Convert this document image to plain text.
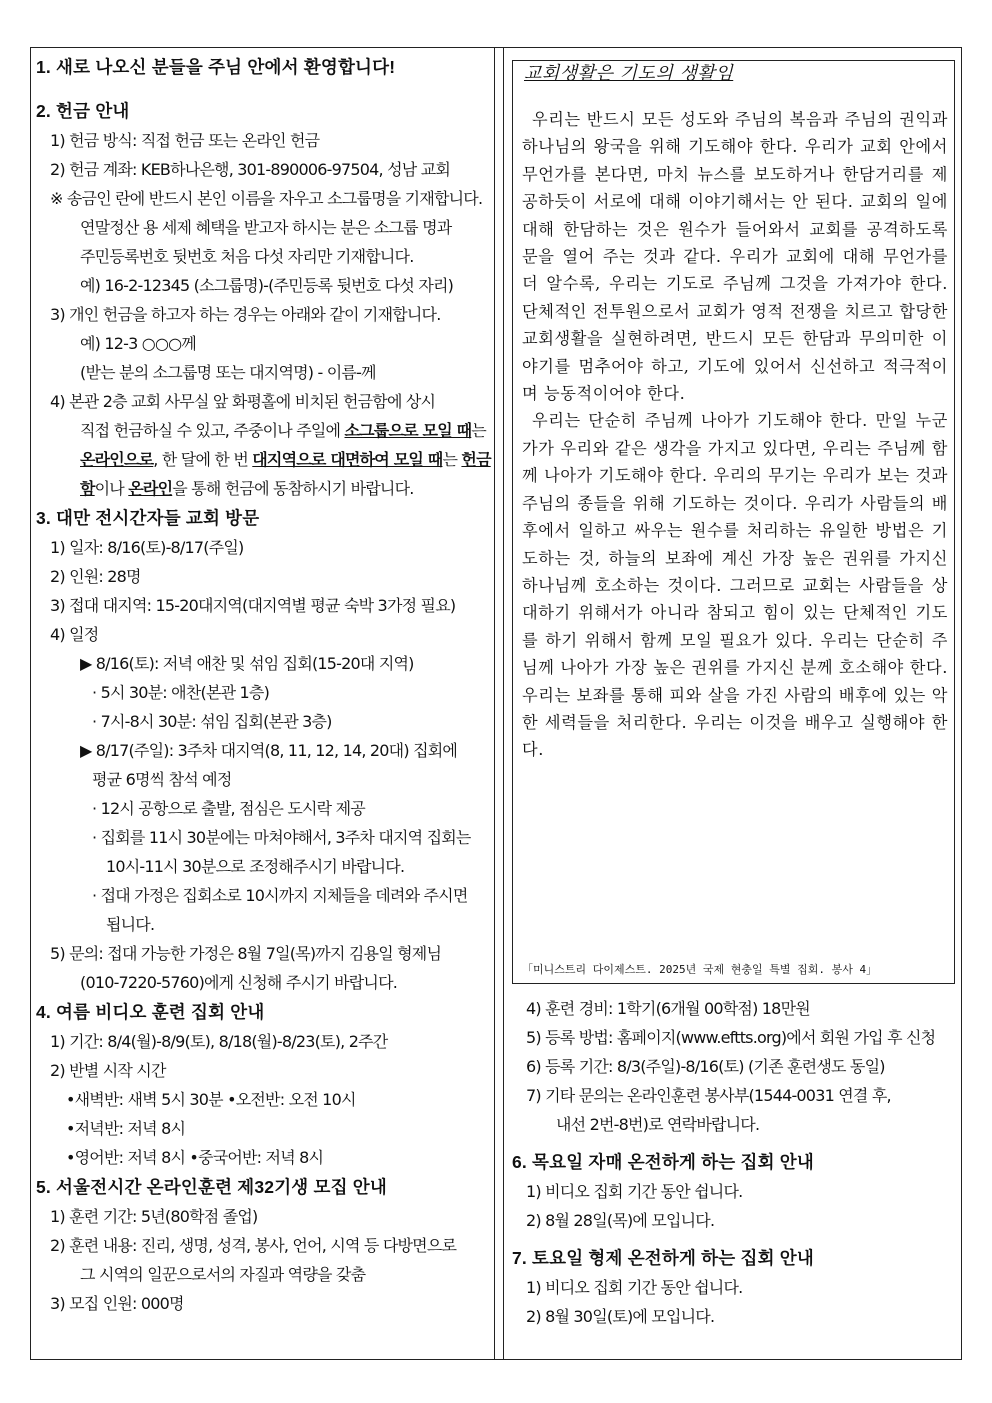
1. 새로 나오신 분들을 주님 안에서 환영합니다!
2. 헌금 안내
1) 헌금 방식: 직접 헌금 또는 온라인 헌금
2) 헌금 계좌: KEB하나은행, 301-890006-97504, 성남 교회
※ 송금인 란에 반드시 본인 이름을 자우고 소그룹명을 기재합니다.
연말정산 용 세제 혜택을 받고자 하시는 분은 소그룹 명과
주민등록번호 뒷번호 처음 다섯 자리만 기재합니다.
예) 16-2-12345 (소그룹명)-(주민등록 뒷번호 다섯 자리)
3) 개인 헌금을 하고자 하는 경우는 아래와 같이 기재합니다.
예) 12-3 ○○○께
(받는 분의 소그룹명 또는 대지역명) - 이름-께
4) 본관 2층 교회 사무실 앞 화평홀에 비치된 헌금함에 상시
직접 헌금하실 수 있고, 주중이나 주일에 소그룹으로 모일 때는
온라인으로, 한 달에 한 번 대지역으로 대면하여 모일 때는 헌금
함이나 온라인을 통해 헌금에 동참하시기 바랍니다.
3. 대만 전시간자들 교회 방문
1) 일자: 8/16(토)-8/17(주일)
2) 인원: 28명
3) 접대 대지역: 15-20대지역(대지역별 평균 숙박 3가정 필요)
4) 일정
▶ 8/16(토): 저녁 애찬 및 섞임 집회(15-20대 지역)
· 5시 30분: 애찬(본관 1층)
· 7시-8시 30분: 섞임 집회(본관 3층)
▶ 8/17(주일): 3주차 대지역(8, 11, 12, 14, 20대) 집회에
평균 6명씩 참석 예정
· 12시 공항으로 출발, 점심은 도시락 제공
· 집회를 11시 30분에는 마쳐야해서, 3주차 대지역 집회는
10시-11시 30분으로 조정해주시기 바랍니다.
· 접대 가정은 집회소로 10시까지 지체들을 데려와 주시면
됩니다.
5) 문의: 접대 가능한 가정은 8월 7일(목)까지 김용일 형제님
(010-7220-5760)에게 신청해 주시기 바랍니다.
4. 여름 비디오 훈련 집회 안내
1) 기간: 8/4(월)-8/9(토), 8/18(월)-8/23(토), 2주간
2) 반별 시작 시간
•새벽반: 새벽 5시 30분 •오전반: 오전 10시
•저녁반: 저녁 8시
•영어반: 저녁 8시 •중국어반: 저녁 8시
5. 서울전시간 온라인훈련 제32기생 모집 안내
1) 훈련 기간: 5년(80학점 졸업)
2) 훈련 내용: 진리, 생명, 성격, 봉사, 언어, 시역 등 다방면으로
그 시역의 일꾼으로서의 자질과 역량을 갖춤
3) 모집 인원: 000명
교회생활은 기도의 생활임

우리는 반드시 모든 성도와 주님의 복음과 주님의 권익과 하나님의 왕국을 위해 기도해야 한다. 우리가 교회 안에서 무언가를 본다면, 마치 뉴스를 보도하거나 한담거리를 제공하듯이 서로에 대해 이야기해서는 안 된다. 교회의 일에 대해 한담하는 것은 원수가 들어와서 교회를 공격하도록 문을 열어 주는 것과 같다. 우리가 교회에 대해 무언가를 더 알수록, 우리는 기도로 주님께 그것을 가져가야 한다. 단체적인 전투원으로서 교회가 영적 전쟁을 치르고 합당한 교회생활을 실현하려면, 반드시 모든 한담과 무의미한 이야기를 멈추어야 하고, 기도에 있어서 신선하고 적극적이며 능동적이어야 한다.

우리는 단순히 주님께 나아가 기도해야 한다. 만일 누군가가 우리와 같은 생각을 가지고 있다면, 우리는 주님께 함께 나아가 기도해야 한다. 우리의 무기는 우리가 보는 것과 주님의 종들을 위해 기도하는 것이다. 우리가 사람들의 배후에서 일하고 싸우는 원수를 처리하는 유일한 방법은 기도하는 것, 하늘의 보좌에 계신 가장 높은 권위를 가지신 하나님께 호소하는 것이다. 그러므로 교회는 사람들을 상대하기 위해서가 아니라 참되고 힘이 있는 단체적인 기도를 하기 위해서 함께 모일 필요가 있다. 우리는 단순히 주님께 나아가 가장 높은 권위를 가지신 분께 호소해야 한다. 우리는 보좌를 통해 피와 살을 가진 사람의 배후에 있는 악한 세력들을 처리한다. 우리는 이것을 배우고 실행해야 한다.

「미니스트리 다이제스트. 2025년 국제 현충일 특별 집회. 봉사 4」
4) 훈련 경비: 1학기(6개월 00학점) 18만원
5) 등록 방법: 홈페이지(www.eftts.org)에서 회원 가입 후 신청
6) 등록 기간: 8/3(주일)-8/16(토) (기존 훈련생도 동일)
7) 기타 문의는 온라인훈련 봉사부(1544-0031 연결 후,
내선 2번-8번)로 연락바랍니다.
6. 목요일 자매 온전하게 하는 집회 안내
1) 비디오 집회 기간 동안 쉽니다.
2) 8월 28일(목)에 모입니다.
7. 토요일 형제 온전하게 하는 집회 안내
1) 비디오 집회 기간 동안 쉽니다.
2) 8월 30일(토)에 모입니다.
